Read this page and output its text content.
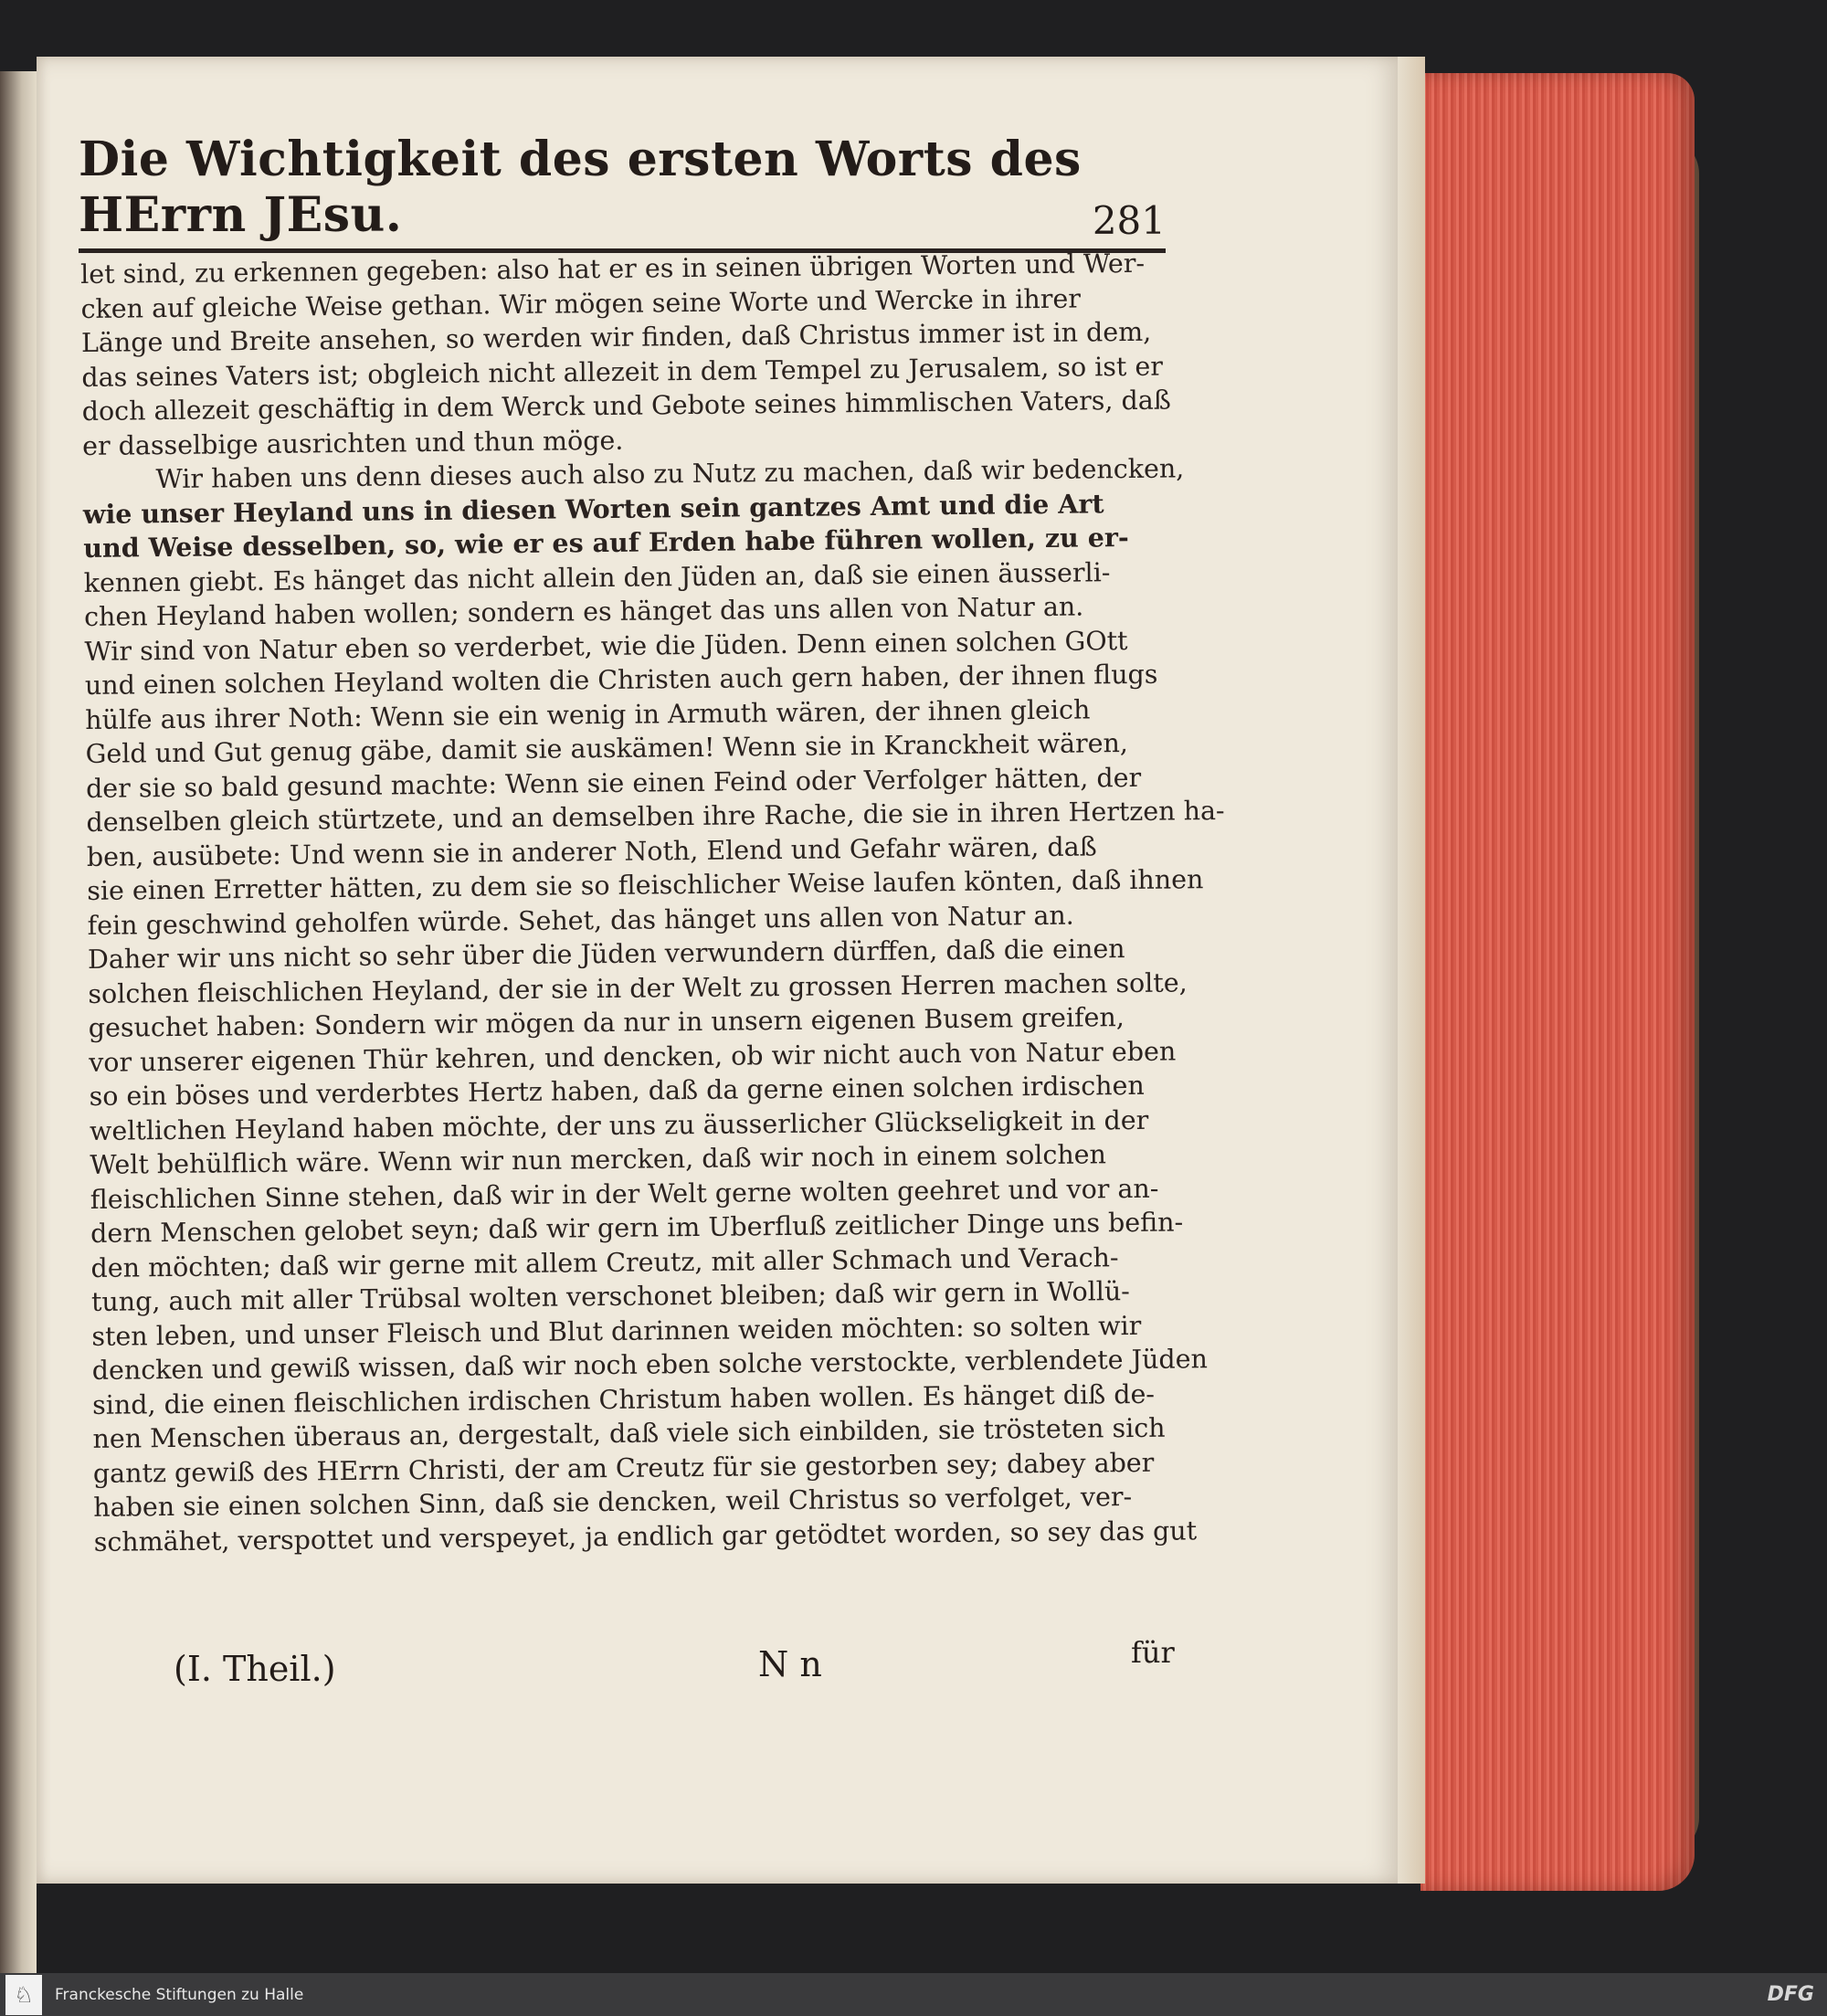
Die Wichtigkeit des ersten Worts des HErrn JEsu.	281
let sind, zu erkennen gegeben: also hat er es in seinen übrigen Worten und Wer-
cken auf gleiche Weise gethan. Wir mögen seine Worte und Wercke in ihrer
Länge und Breite ansehen, so werden wir finden, daß Christus immer ist in dem,
das seines Vaters ist; obgleich nicht allezeit in dem Tempel zu Jerusalem, so ist er
doch allezeit geschäftig in dem Werck und Gebote seines himmlischen Vaters, daß
er dasselbige ausrichten und thun möge.
Wir haben uns denn dieses auch also zu Nutz zu machen, daß wir bedencken,
wie unser Heyland uns in diesen Worten sein gantzes Amt und die Art
und Weise desselben, so, wie er es auf Erden habe führen wollen, zu er-
kennen giebt. Es hänget das nicht allein den Jüden an, daß sie einen äusserli-
chen Heyland haben wollen; sondern es hänget das uns allen von Natur an.
Wir sind von Natur eben so verderbet, wie die Jüden. Denn einen solchen GOtt
und einen solchen Heyland wolten die Christen auch gern haben, der ihnen flugs
hülfe aus ihrer Noth: Wenn sie ein wenig in Armuth wären, der ihnen gleich
Geld und Gut genug gäbe, damit sie auskämen! Wenn sie in Kranckheit wären,
der sie so bald gesund machte: Wenn sie einen Feind oder Verfolger hätten, der
denselben gleich stürtzete, und an demselben ihre Rache, die sie in ihren Hertzen ha-
ben, ausübete: Und wenn sie in anderer Noth, Elend und Gefahr wären, daß
sie einen Erretter hätten, zu dem sie so fleischlicher Weise laufen könten, daß ihnen
fein geschwind geholfen würde. Sehet, das hänget uns allen von Natur an.
Daher wir uns nicht so sehr über die Jüden verwundern dürffen, daß die einen
solchen fleischlichen Heyland, der sie in der Welt zu grossen Herren machen solte,
gesuchet haben: Sondern wir mögen da nur in unsern eigenen Busem greifen,
vor unserer eigenen Thür kehren, und dencken, ob wir nicht auch von Natur eben
so ein böses und verderbtes Hertz haben, daß da gerne einen solchen irdischen
weltlichen Heyland haben möchte, der uns zu äusserlicher Glückseligkeit in der
Welt behülflich wäre. Wenn wir nun mercken, daß wir noch in einem solchen
fleischlichen Sinne stehen, daß wir in der Welt gerne wolten geehret und vor an-
dern Menschen gelobet seyn; daß wir gern im Uberfluß zeitlicher Dinge uns befin-
den möchten; daß wir gerne mit allem Creutz, mit aller Schmach und Verach-
tung, auch mit aller Trübsal wolten verschonet bleiben; daß wir gern in Wollü-
sten leben, und unser Fleisch und Blut darinnen weiden möchten: so solten wir
dencken und gewiß wissen, daß wir noch eben solche verstockte, verblendete Jüden
sind, die einen fleischlichen irdischen Christum haben wollen. Es hänget diß de-
nen Menschen überaus an, dergestalt, daß viele sich einbilden, sie trösteten sich
gantz gewiß des HErrn Christi, der am Creutz für sie gestorben sey; dabey aber
haben sie einen solchen Sinn, daß sie dencken, weil Christus so verfolget, ver-
schmähet, verspottet und verspeyet, ja endlich gar getödtet worden, so sey das gut
(I. Theil.)	N n	für
♘	Franckesche Stiftungen zu Halle	DFG
